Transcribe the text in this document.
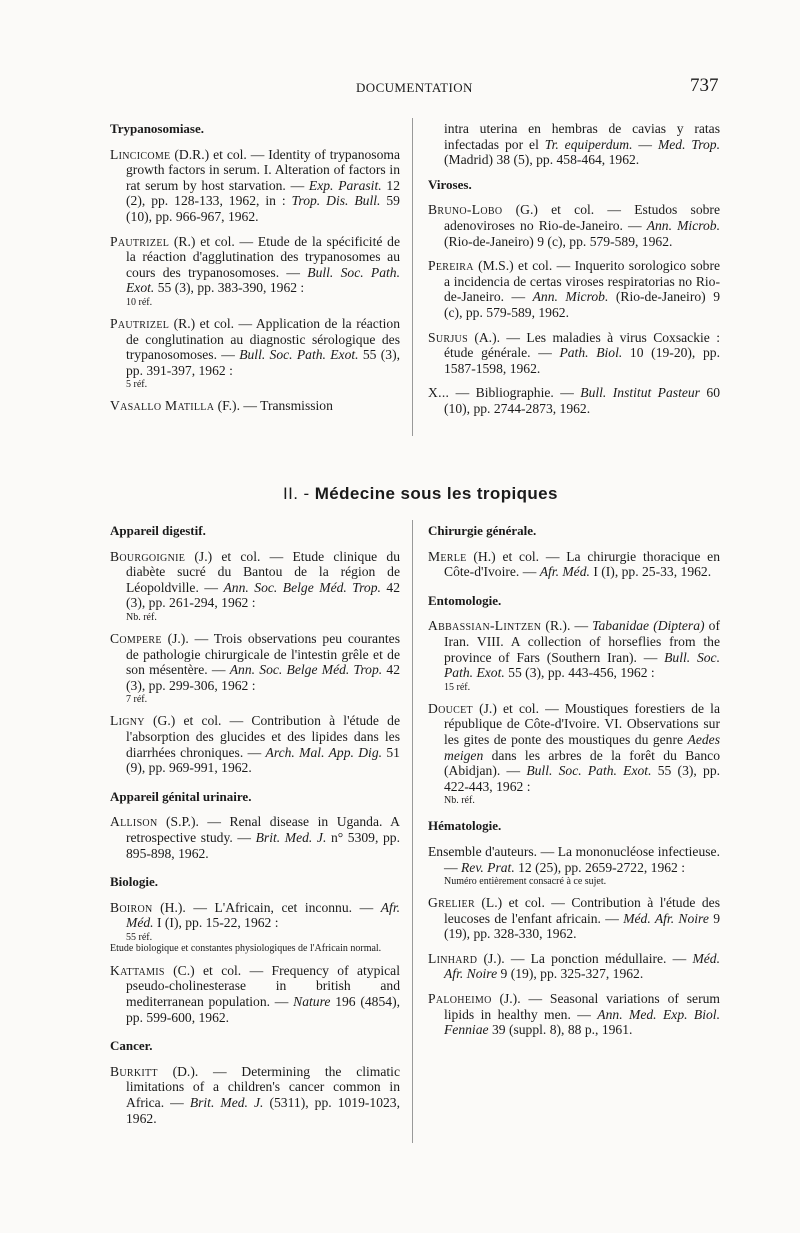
DOCUMENTATION	737
Trypanosomiase.

Lincicome (D.R.) et col. — Identity of trypanosoma growth factors in serum. I. Alteration of factors in rat serum by host starvation. — Exp. Parasit. 12 (2), pp. 128-133, 1962, in : Trop. Dis. Bull. 59 (10), pp. 966-967, 1962.

Pautrizel (R.) et col. — Etude de la spécificité de la réaction d'agglutination des trypanosomes au cours des trypanosomoses. — Bull. Soc. Path. Exot. 55 (3), pp. 383-390, 1962 :

10 réf.

Pautrizel (R.) et col. — Application de la réaction de conglutination au diagnostic sérologique des trypanosomoses. — Bull. Soc. Path. Exot. 55 (3), pp. 391-397, 1962 :

5 réf.

Vasallo Matilla (F.). — Transmission

intra uterina en hembras de cavias y ratas infectadas por el Tr. equiperdum. — Med. Trop. (Madrid) 38 (5), pp. 458-464, 1962.

Viroses.

Bruno-Lobo (G.) et col. — Estudos sobre adenoviroses no Rio-de-Janeiro. — Ann. Microb. (Rio-de-Janeiro) 9 (c), pp. 579-589, 1962.

Pereira (M.S.) et col. — Inquerito sorologico sobre a incidencia de certas viroses respiratorias no Rio-de-Janeiro. — Ann. Microb. (Rio-de-Janeiro) 9 (c), pp. 579-589, 1962.

Surjus (A.). — Les maladies à virus Coxsackie : étude générale. — Path. Biol. 10 (19-20), pp. 1587-1598, 1962.

X... — Bibliographie. — Bull. Institut Pasteur 60 (10), pp. 2744-2873, 1962.

II. - Médecine sous les tropiques
Appareil digestif.

Bourgoignie (J.) et col. — Etude clinique du diabète sucré du Bantou de la région de Léopoldville. — Ann. Soc. Belge Méd. Trop. 42 (3), pp. 261-294, 1962 :

Nb. réf.

Compere (J.). — Trois observations peu courantes de pathologie chirurgicale de l'intestin grêle et de son mésentère. — Ann. Soc. Belge Méd. Trop. 42 (3), pp. 299-306, 1962 :

7 réf.

Ligny (G.) et col. — Contribution à l'étude de l'absorption des glucides et des lipides dans les diarrhées chroniques. — Arch. Mal. App. Dig. 51 (9), pp. 969-991, 1962.

Appareil génital urinaire.

Allison (S.P.). — Renal disease in Uganda. A retrospective study. — Brit. Med. J. n° 5309, pp. 895-898, 1962.

Biologie.

Boiron (H.). — L'Africain, cet inconnu. — Afr. Méd. I (I), pp. 15-22, 1962 :

55 réf.
Etude biologique et constantes physiologiques de l'Africain normal.

Kattamis (C.) et col. — Frequency of atypical pseudo-cholinesterase in british and mediterranean population. — Nature 196 (4854), pp. 599-600, 1962.

Cancer.

Burkitt (D.). — Determining the climatic limitations of a children's cancer common in Africa. — Brit. Med. J. (5311), pp. 1019-1023, 1962.

Chirurgie générale.

Merle (H.) et col. — La chirurgie thoracique en Côte-d'Ivoire. — Afr. Méd. I (I), pp. 25-33, 1962.

Entomologie.

Abbassian-Lintzen (R.). — Tabanidae (Diptera) of Iran. VIII. A collection of horseflies from the province of Fars (Southern Iran). — Bull. Soc. Path. Exot. 55 (3), pp. 443-456, 1962 :

15 réf.

Doucet (J.) et col. — Moustiques forestiers de la république de Côte-d'Ivoire. VI. Observations sur les gites de ponte des moustiques du genre Aedes meigen dans les arbres de la forêt du Banco (Abidjan). — Bull. Soc. Path. Exot. 55 (3), pp. 422-443, 1962 :

Nb. réf.
Hématologie.

Ensemble d'auteurs. — La mononucléose infectieuse. — Rev. Prat. 12 (25), pp. 2659-2722, 1962 :

Numéro entièrement consacré à ce sujet.

Grelier (L.) et col. — Contribution à l'étude des leucoses de l'enfant africain. — Méd. Afr. Noire 9 (19), pp. 328-330, 1962.

Linhard (J.). — La ponction médullaire. — Méd. Afr. Noire 9 (19), pp. 325-327, 1962.

Paloheimo (J.). — Seasonal variations of serum lipids in healthy men. — Ann. Med. Exp. Biol. Fenniae 39 (suppl. 8), 88 p., 1961.
